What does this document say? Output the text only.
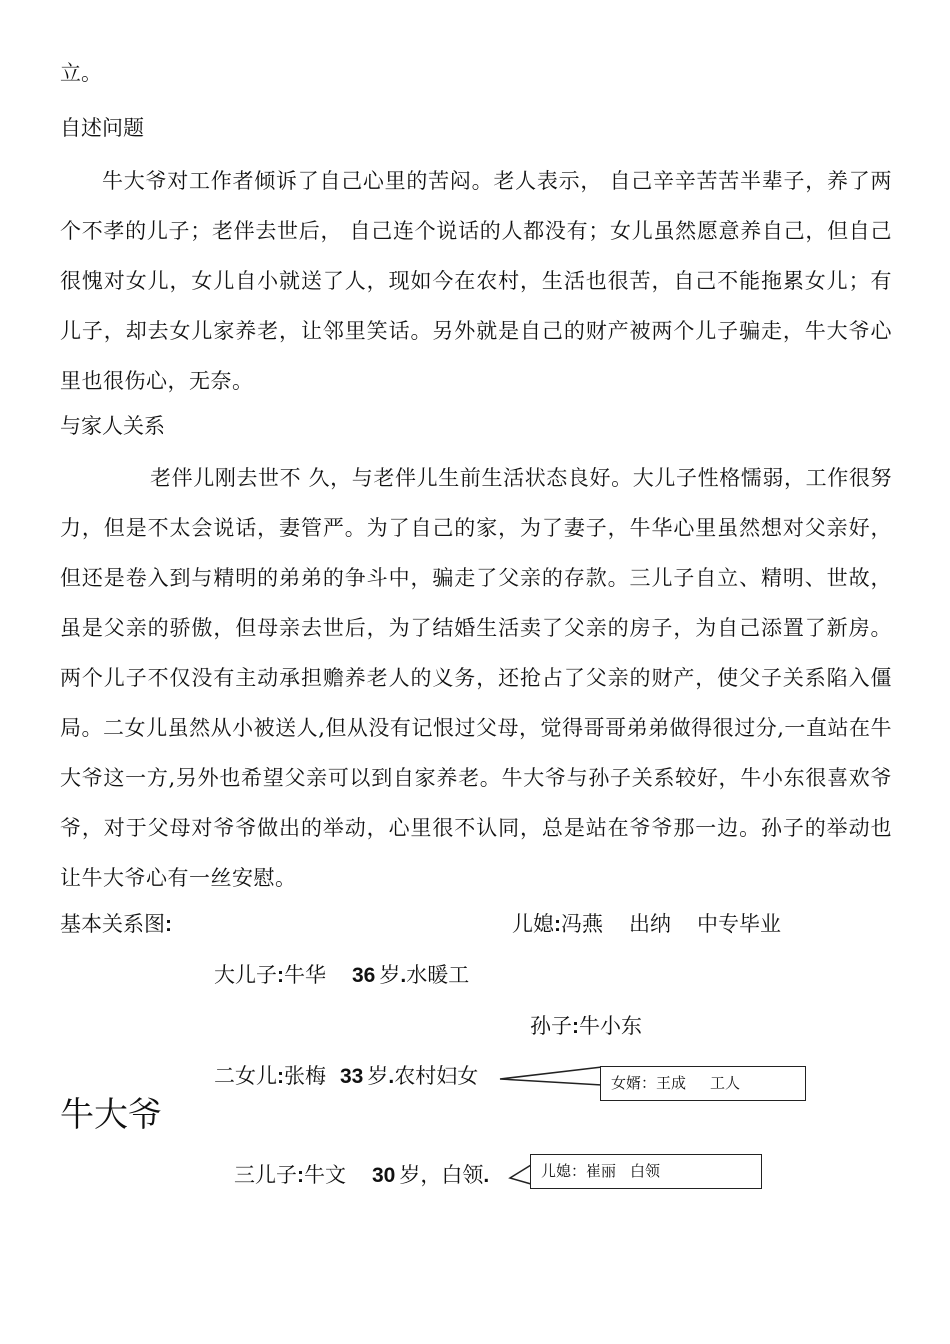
立。
自述问题
牛大爷对工作者倾诉了自己心里的苦闷。老人表示， 自己辛辛苦苦半辈子，养了两个不孝的儿子；老伴去世后， 自己连个说话的人都没有；女儿虽然愿意养自己，但自己很愧对女儿，女儿自小就送了人，现如今在农村，生活也很苦，自己不能拖累女儿；有儿子，却去女儿家养老，让邻里笑话。另外就是自己的财产被两个儿子骗走，牛大爷心里也很伤心，无奈。
与家人关系
老伴儿刚去世不 久，与老伴儿生前生活状态良好。大儿子性格懦弱，工作很努力，但是不太会说话，妻管严。为了自己的家，为了妻子，牛华心里虽然想对父亲好，但还是卷入到与精明的弟弟的争斗中，骗走了父亲的存款。三儿子自立、精明、世故，虽是父亲的骄傲，但母亲去世后，为了结婚生活卖了父亲的房子，为自己添置了新房。两个儿子不仅没有主动承担赡养老人的义务，还抢占了父亲的财产，使父子关系陷入僵局。二女儿虽然从小被送人,但从没有记恨过父母，觉得哥哥弟弟做得很过分,一直站在牛大爷这一方,另外也希望父亲可以到自家养老。牛大爷与孙子关系较好，牛小东很喜欢爷爷，对于父母对爷爷做出的举动，心里很不认同，总是站在爷爷那一边。孙子的举动也让牛大爷心有一丝安慰。
基本关系图:	儿媳:冯燕 出纳 中专毕业
大儿子:牛华 36 岁.水暖工
孙子:牛小东
二女儿:张梅 33 岁.农村妇女
牛大爷
三儿子:牛文 30 岁，白领.
女婿：王成 工人
儿媳：崔丽 白领
